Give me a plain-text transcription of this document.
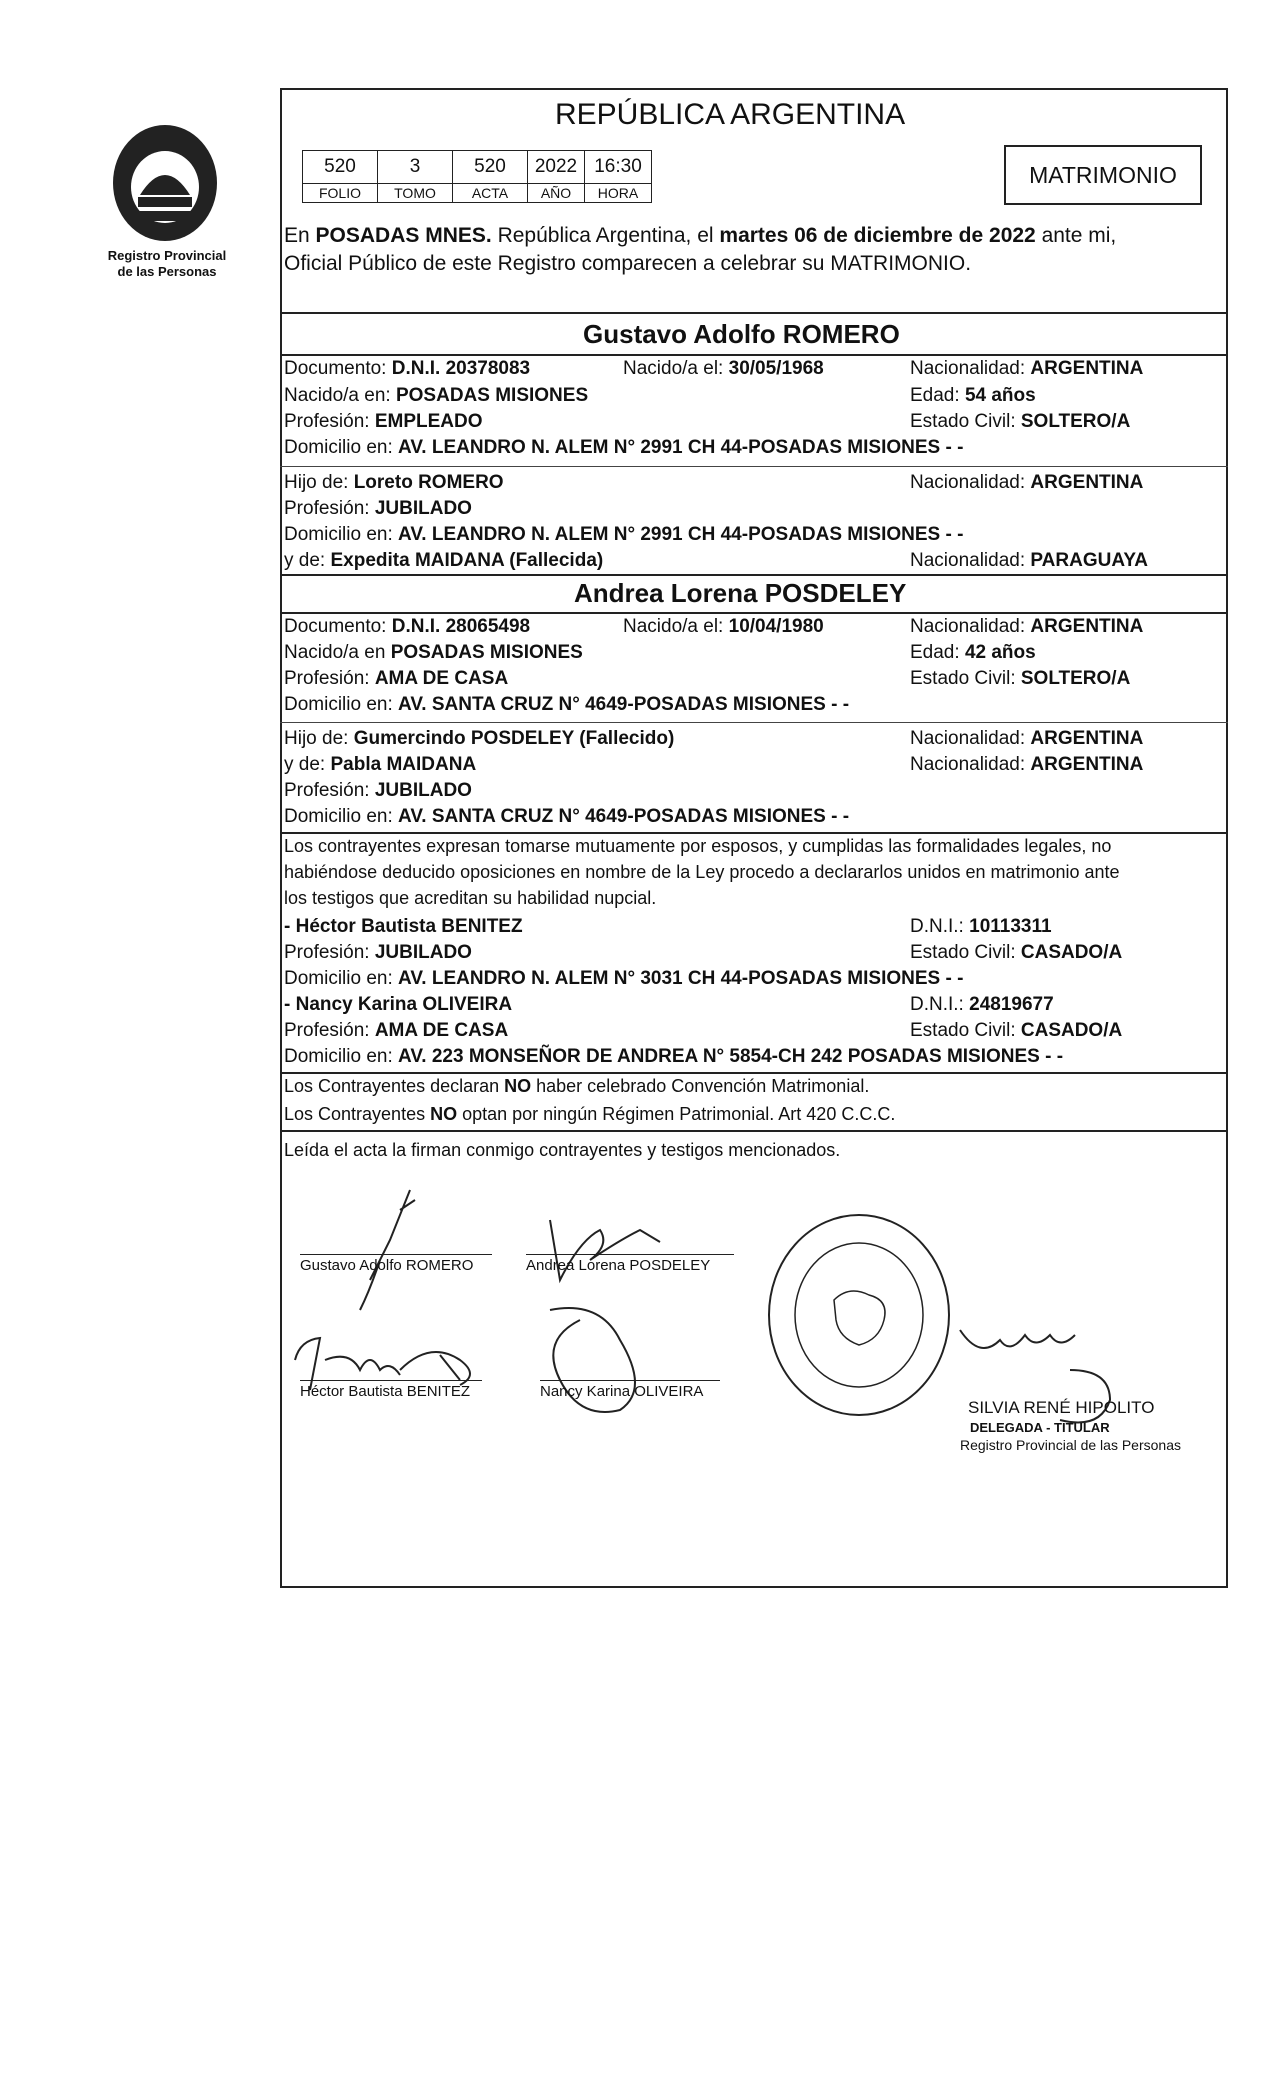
Registro Provincial
de las Personas
REPÚBLICA ARGENTINA
MATRIMONIO
520	3	520	2022	16:30
FOLIO	TOMO	ACTA	AÑO	HORA
En POSADAS MNES. República Argentina, el martes 06 de diciembre de 2022 ante mi,
Oficial Público de este Registro comparecen a celebrar su MATRIMONIO.
Gustavo Adolfo ROMERO
Documento: D.N.I. 20378083	Nacido/a el: 30/05/1968	Nacionalidad: ARGENTINA
Nacido/a en: POSADAS MISIONES	Edad: 54 años
Profesión: EMPLEADO	Estado Civil: SOLTERO/A
Domicilio en: AV. LEANDRO N. ALEM N° 2991 CH 44-POSADAS MISIONES - -
Hijo de: Loreto ROMERO	Nacionalidad: ARGENTINA
Profesión: JUBILADO
Domicilio en: AV. LEANDRO N. ALEM N° 2991 CH 44-POSADAS MISIONES - -
y de: Expedita MAIDANA (Fallecida)	Nacionalidad: PARAGUAYA
Andrea Lorena POSDELEY
Documento: D.N.I. 28065498	Nacido/a el: 10/04/1980	Nacionalidad: ARGENTINA
Nacido/a en POSADAS MISIONES	Edad: 42 años
Profesión: AMA DE CASA	Estado Civil: SOLTERO/A
Domicilio en: AV. SANTA CRUZ N° 4649-POSADAS MISIONES - -
Hijo de: Gumercindo POSDELEY (Fallecido)	Nacionalidad: ARGENTINA
y de: Pabla MAIDANA	Nacionalidad: ARGENTINA
Profesión: JUBILADO
Domicilio en: AV. SANTA CRUZ N° 4649-POSADAS MISIONES - -
Los contrayentes expresan tomarse mutuamente por esposos, y cumplidas las formalidades legales, no
habiéndose deducido oposiciones en nombre de la Ley procedo a declararlos unidos en matrimonio ante
los testigos que acreditan su habilidad nupcial.
- Héctor Bautista BENITEZ	D.N.I.: 10113311
Profesión: JUBILADO	Estado Civil: CASADO/A
Domicilio en: AV. LEANDRO N. ALEM N° 3031 CH 44-POSADAS MISIONES - -
- Nancy Karina OLIVEIRA	D.N.I.: 24819677
Profesión: AMA DE CASA	Estado Civil: CASADO/A
Domicilio en: AV. 223 MONSEÑOR DE ANDREA N° 5854-CH 242 POSADAS MISIONES - -
Los Contrayentes declaran NO haber celebrado Convención Matrimonial.
Los Contrayentes NO optan por ningún Régimen Patrimonial. Art 420 C.C.C.
Leída el acta la firman conmigo contrayentes y testigos mencionados.
Gustavo Adolfo ROMERO	Andrea Lorena POSDELEY
Héctor Bautista BENITEZ	Nancy Karina OLIVEIRA
SILVIA RENÉ HIPOLITO
DELEGADA - TITULAR
Registro Provincial de las Personas
